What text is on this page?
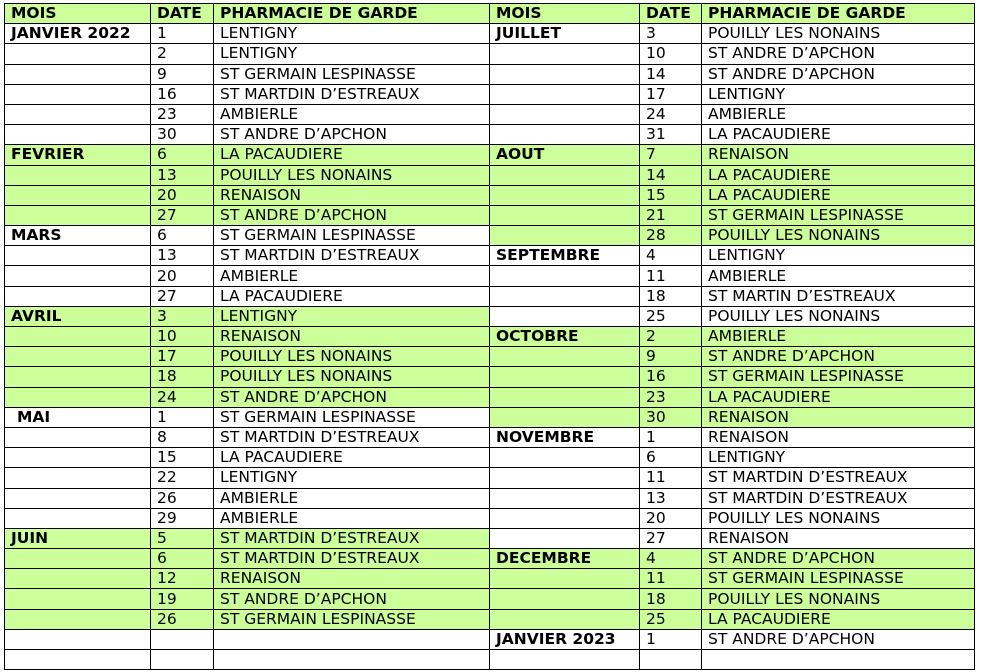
MOIS	DATE	PHARMACIE DE GARDE	MOIS	DATE	PHARMACIE DE GARDE
JANVIER 2022	1	LENTIGNY	JUILLET	3	POUILLY LES NONAINS
	2	LENTIGNY		10	ST ANDRE D’APCHON
	9	ST GERMAIN LESPINASSE		14	ST ANDRE D’APCHON
	16	ST MARTDIN D’ESTREAUX		17	LENTIGNY
	23	AMBIERLE		24	AMBIERLE
	30	ST ANDRE D’APCHON		31	LA PACAUDIERE
FEVRIER	6	LA PACAUDIERE	AOUT	7	RENAISON
	13	POUILLY LES NONAINS		14	LA PACAUDIERE
	20	RENAISON		15	LA PACAUDIERE
	27	ST ANDRE D’APCHON		21	ST GERMAIN LESPINASSE
MARS	6	ST GERMAIN LESPINASSE		28	POUILLY LES NONAINS
	13	ST MARTDIN D’ESTREAUX	SEPTEMBRE	4	LENTIGNY
	20	AMBIERLE		11	AMBIERLE
	27	LA PACAUDIERE		18	ST MARTIN D’ESTREAUX
AVRIL	3	LENTIGNY		25	POUILLY LES NONAINS
	10	RENAISON	OCTOBRE	2	AMBIERLE
	17	POUILLY LES NONAINS		9	ST ANDRE D’APCHON
	18	POUILLY LES NONAINS		16	ST GERMAIN LESPINASSE
	24	ST ANDRE D’APCHON		23	LA PACAUDIERE
MAI	1	ST GERMAIN LESPINASSE		30	RENAISON
	8	ST MARTDIN D’ESTREAUX	NOVEMBRE	1	RENAISON
	15	LA PACAUDIERE		6	LENTIGNY
	22	LENTIGNY		11	ST MARTDIN D’ESTREAUX
	26	AMBIERLE		13	ST MARTDIN D’ESTREAUX
	29	AMBIERLE		20	POUILLY LES NONAINS
JUIN	5	ST MARTDIN D’ESTREAUX		27	RENAISON
	6	ST MARTDIN D’ESTREAUX	DECEMBRE	4	ST ANDRE D’APCHON
	12	RENAISON		11	ST GERMAIN LESPINASSE
	19	ST ANDRE D’APCHON		18	POUILLY LES NONAINS
	26	ST GERMAIN LESPINASSE		25	LA PACAUDIERE
			JANVIER 2023	1	ST ANDRE D’APCHON
